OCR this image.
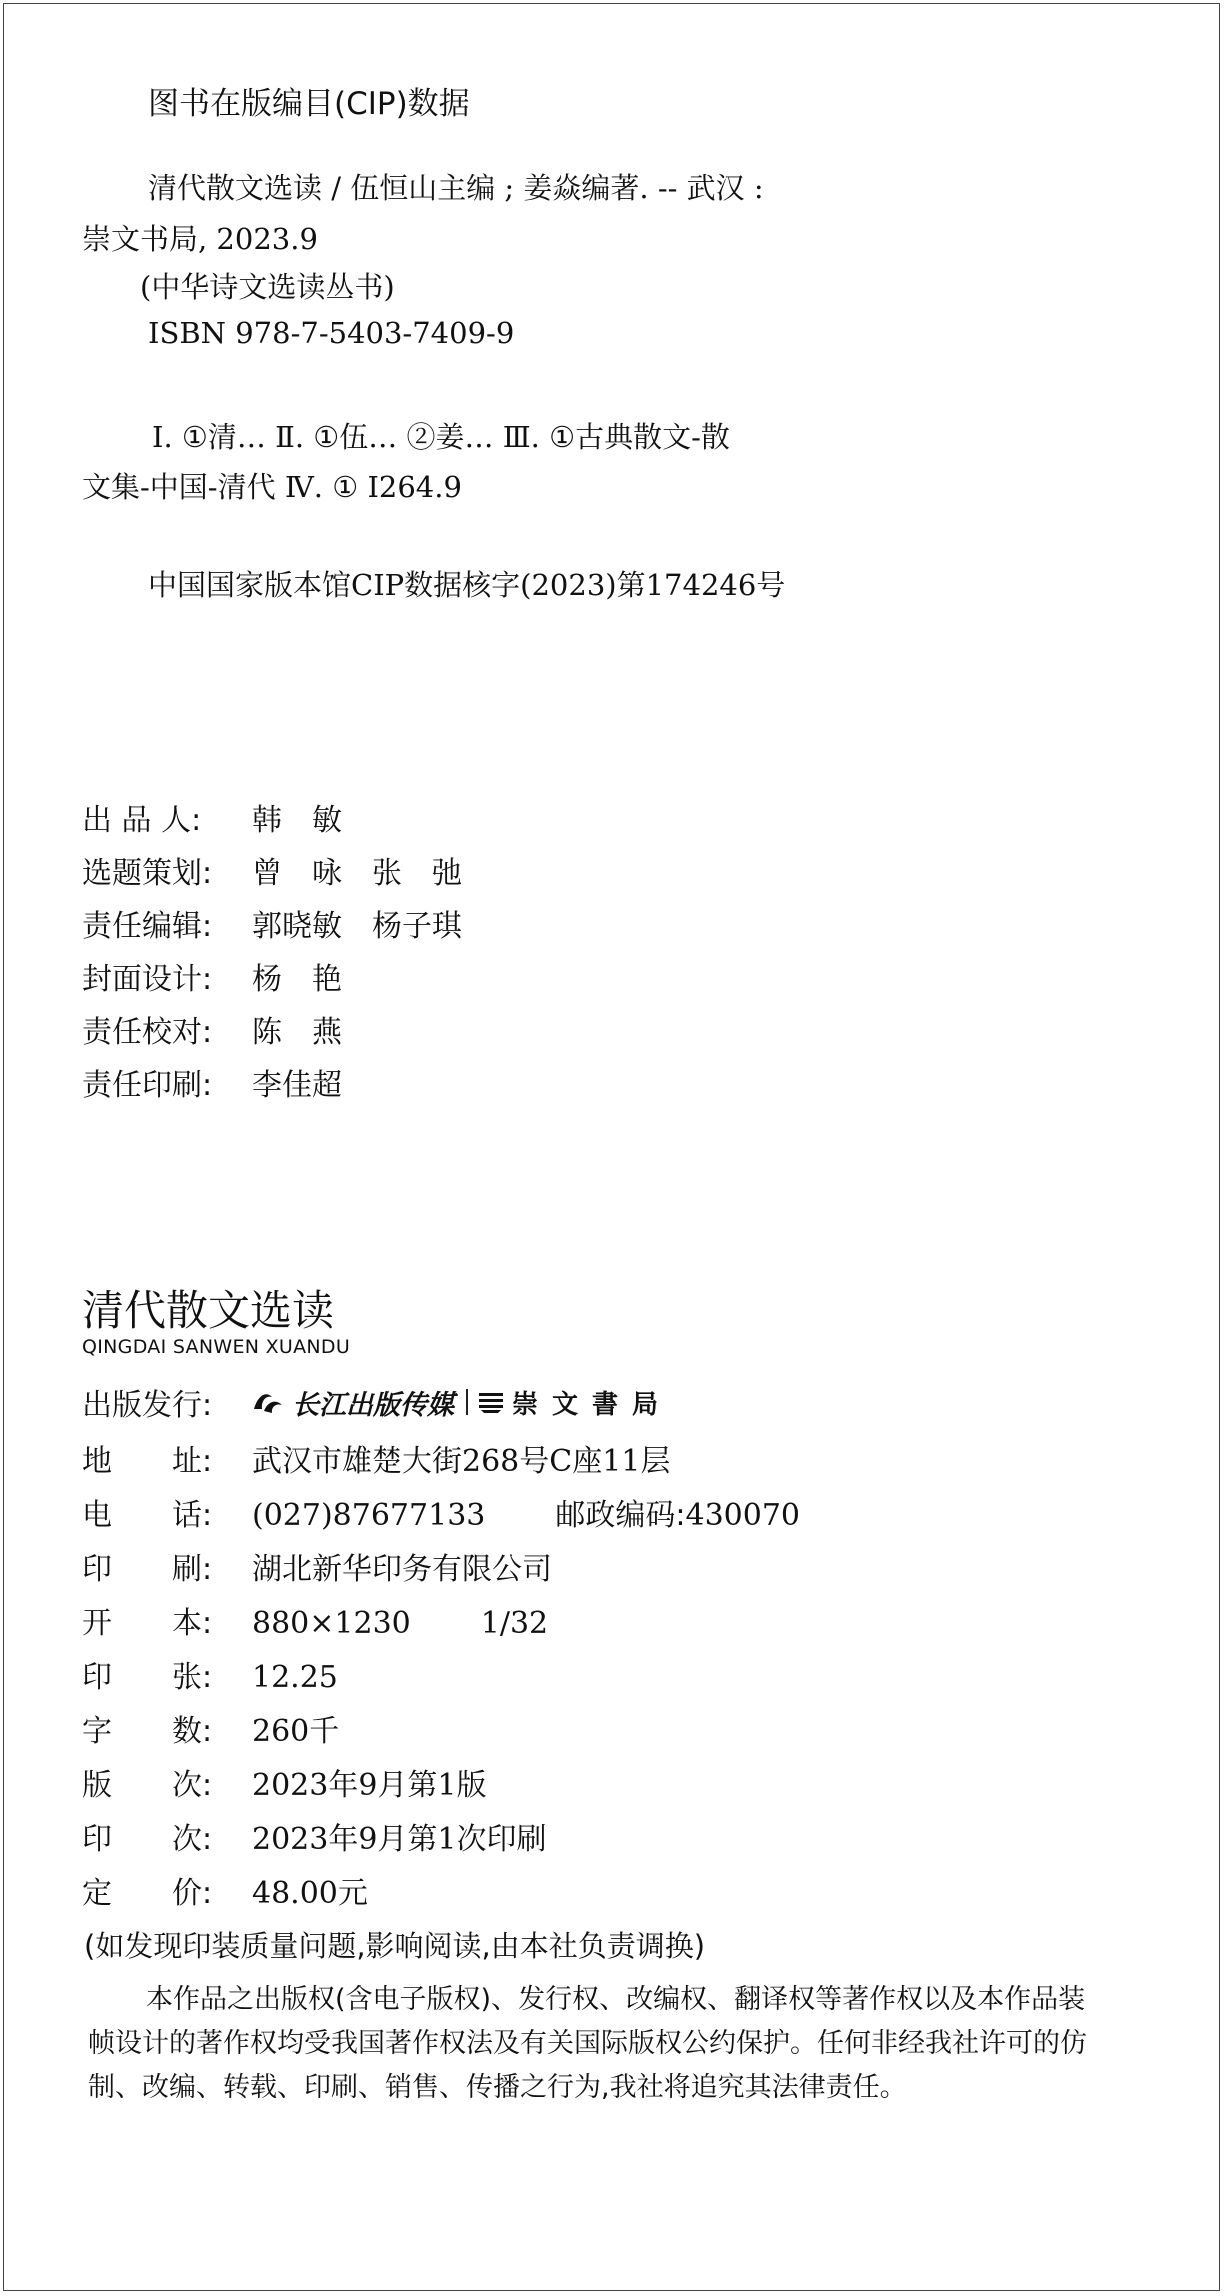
图书在版编目(CIP)数据
清代散文选读 / 伍恒山主编 ; 姜焱编著. -- 武汉 :
崇文书局, 2023.9
(中华诗文选读丛书)
ISBN 978-7-5403-7409-9
Ⅰ. ①清… Ⅱ. ①伍… ②姜… Ⅲ. ①古典散文-散
文集-中国-清代 Ⅳ. ① I264.9
中国国家版本馆CIP数据核字(2023)第174246号
出 品 人:	韩　敏
选题策划:	曾　咏　张　弛
责任编辑:	郭晓敏　杨子琪
封面设计:	杨　艳
责任校对:	陈　燕
责任印刷:	李佳超
清代散文选读
QINGDAI SANWEN XUANDU
出版发行:	长江出版传媒 崇文書局
地　　址:	武汉市雄楚大街268号C座11层
电　　话:	(027)87677133 邮政编码: 430070
印　　刷:	湖北新华印务有限公司
开　　本:	880×1230 1/32
印　　张:	12.25
字　　数:	260千
版　　次:	2023年9月第1版
印　　次:	2023年9月第1次印刷
定　　价:	48.00元
(如发现印装质量问题,影响阅读,由本社负责调换)
本作品之出版权(含电子版权)、发行权、改编权、翻译权等著作权以及本作品装帧设计的著作权均受我国著作权法及有关国际版权公约保护。任何非经我社许可的仿制、改编、转载、印刷、销售、传播之行为,我社将追究其法律责任。
